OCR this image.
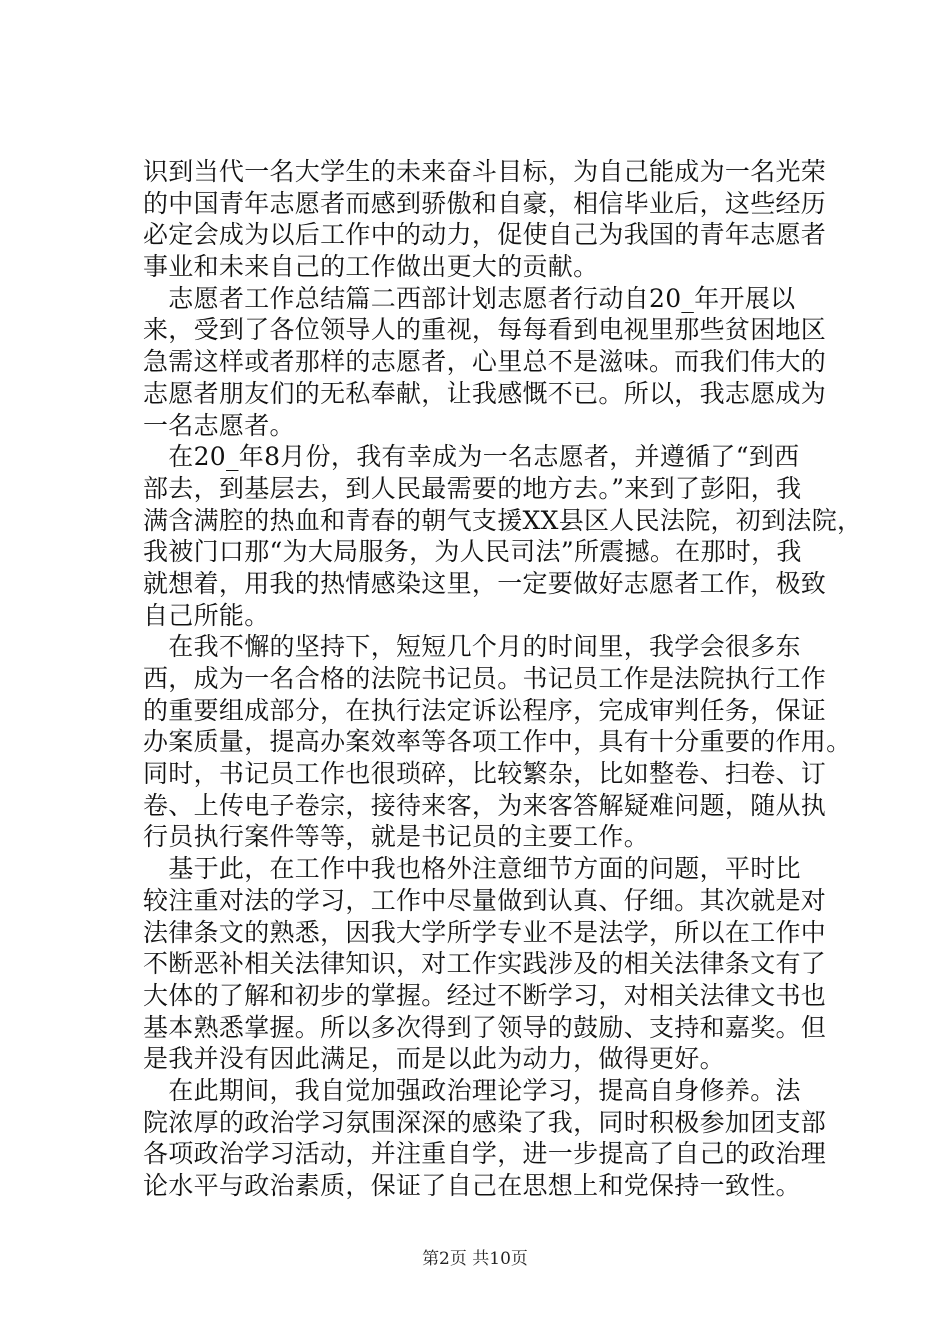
识到当代一名大学生的未来奋斗目标，为自己能成为一名光荣
的中国青年志愿者而感到骄傲和自豪，相信毕业后，这些经历
必定会成为以后工作中的动力，促使自己为我国的青年志愿者
事业和未来自己的工作做出更大的贡献。
　志愿者工作总结篇二西部计划志愿者行动自20_年开展以
来，受到了各位领导人的重视，每每看到电视里那些贫困地区
急需这样或者那样的志愿者，心里总不是滋味。而我们伟大的
志愿者朋友们的无私奉献，让我感慨不已。所以，我志愿成为
一名志愿者。
　在20_年8月份，我有幸成为一名志愿者，并遵循了“到西
部去，到基层去，到人民最需要的地方去。”来到了彭阳，我
满含满腔的热血和青春的朝气支援XX县区人民法院，初到法院，
我被门口那“为大局服务，为人民司法”所震撼。在那时，我
就想着，用我的热情感染这里，一定要做好志愿者工作，极致
自己所能。
　在我不懈的坚持下，短短几个月的时间里，我学会很多东
西，成为一名合格的法院书记员。书记员工作是法院执行工作
的重要组成部分，在执行法定诉讼程序，完成审判任务，保证
办案质量，提高办案效率等各项工作中，具有十分重要的作用。
同时，书记员工作也很琐碎，比较繁杂，比如整卷、扫卷、订
卷、上传电子卷宗，接待来客，为来客答解疑难问题，随从执
行员执行案件等等，就是书记员的主要工作。
　基于此，在工作中我也格外注意细节方面的问题，平时比
较注重对法的学习，工作中尽量做到认真、仔细。其次就是对
法律条文的熟悉，因我大学所学专业不是法学，所以在工作中
不断恶补相关法律知识，对工作实践涉及的相关法律条文有了
大体的了解和初步的掌握。经过不断学习，对相关法律文书也
基本熟悉掌握。所以多次得到了领导的鼓励、支持和嘉奖。但
是我并没有因此满足，而是以此为动力，做得更好。
　在此期间，我自觉加强政治理论学习，提高自身修养。法
院浓厚的政治学习氛围深深的感染了我，同时积极参加团支部
各项政治学习活动，并注重自学，进一步提高了自己的政治理
论水平与政治素质，保证了自己在思想上和党保持一致性。
第2页 共10页
